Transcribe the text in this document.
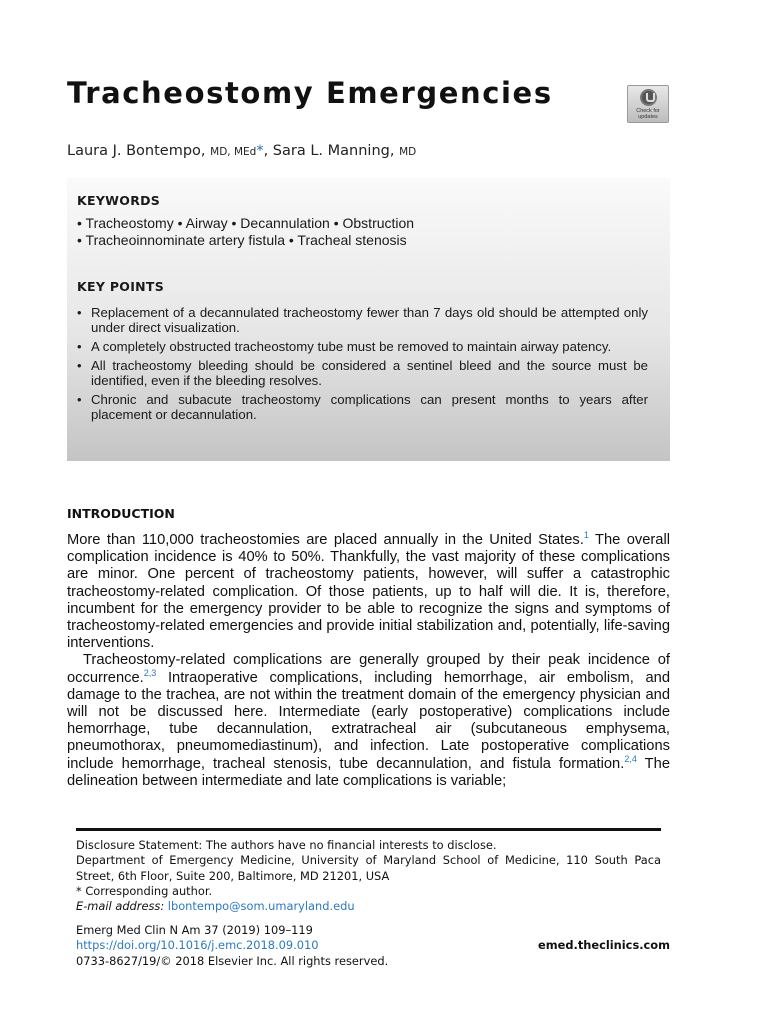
Tracheostomy Emergencies
Check for
updates
Laura J. Bontempo, MD, MEd*, Sara L. Manning, MD
KEYWORDS
• Tracheostomy • Airway • Decannulation • Obstruction
• Tracheoinnominate artery fistula • Tracheal stenosis
KEY POINTS
• Replacement of a decannulated tracheostomy fewer than 7 days old should be attempted only under direct visualization.
• A completely obstructed tracheostomy tube must be removed to maintain airway patency.
• All tracheostomy bleeding should be considered a sentinel bleed and the source must be identified, even if the bleeding resolves.
• Chronic and subacute tracheostomy complications can present months to years after placement or decannulation.
INTRODUCTION

More than 110,000 tracheostomies are placed annually in the United States.$^1$ The overall complication incidence is 40% to 50%. Thankfully, the vast majority of these complications are minor. One percent of tracheostomy patients, however, will suffer a catastrophic tracheostomy-related complication. Of those patients, up to half will die. It is, therefore, incumbent for the emergency provider to be able to recognize the signs and symptoms of tracheostomy-related emergencies and provide initial stabilization and, potentially, life-saving interventions.

Tracheostomy-related complications are generally grouped by their peak incidence of occurrence.$^{2,3}$ Intraoperative complications, including hemorrhage, air embolism, and damage to the trachea, are not within the treatment domain of the emergency physician and will not be discussed here. Intermediate (early postoperative) complications include hemorrhage, tube decannulation, extratracheal air (subcutaneous emphysema, pneumothorax, pneumomediastinum), and infection. Late postoperative complications include hemorrhage, tracheal stenosis, tube decannulation, and fistula formation.$^{2,4}$ The delineation between intermediate and late complications is variable;

Disclosure Statement: The authors have no financial interests to disclose.
Department of Emergency Medicine, University of Maryland School of Medicine, 110 South Paca Street, 6th Floor, Suite 200, Baltimore, MD 21201, USA
* Corresponding author.
E-mail address: lbontempo@som.umaryland.edu
Emerg Med Clin N Am 37 (2019) 109–119
https://doi.org/10.1016/j.emc.2018.09.010
0733-8627/19/© 2018 Elsevier Inc. All rights reserved.
emed.theclinics.com
